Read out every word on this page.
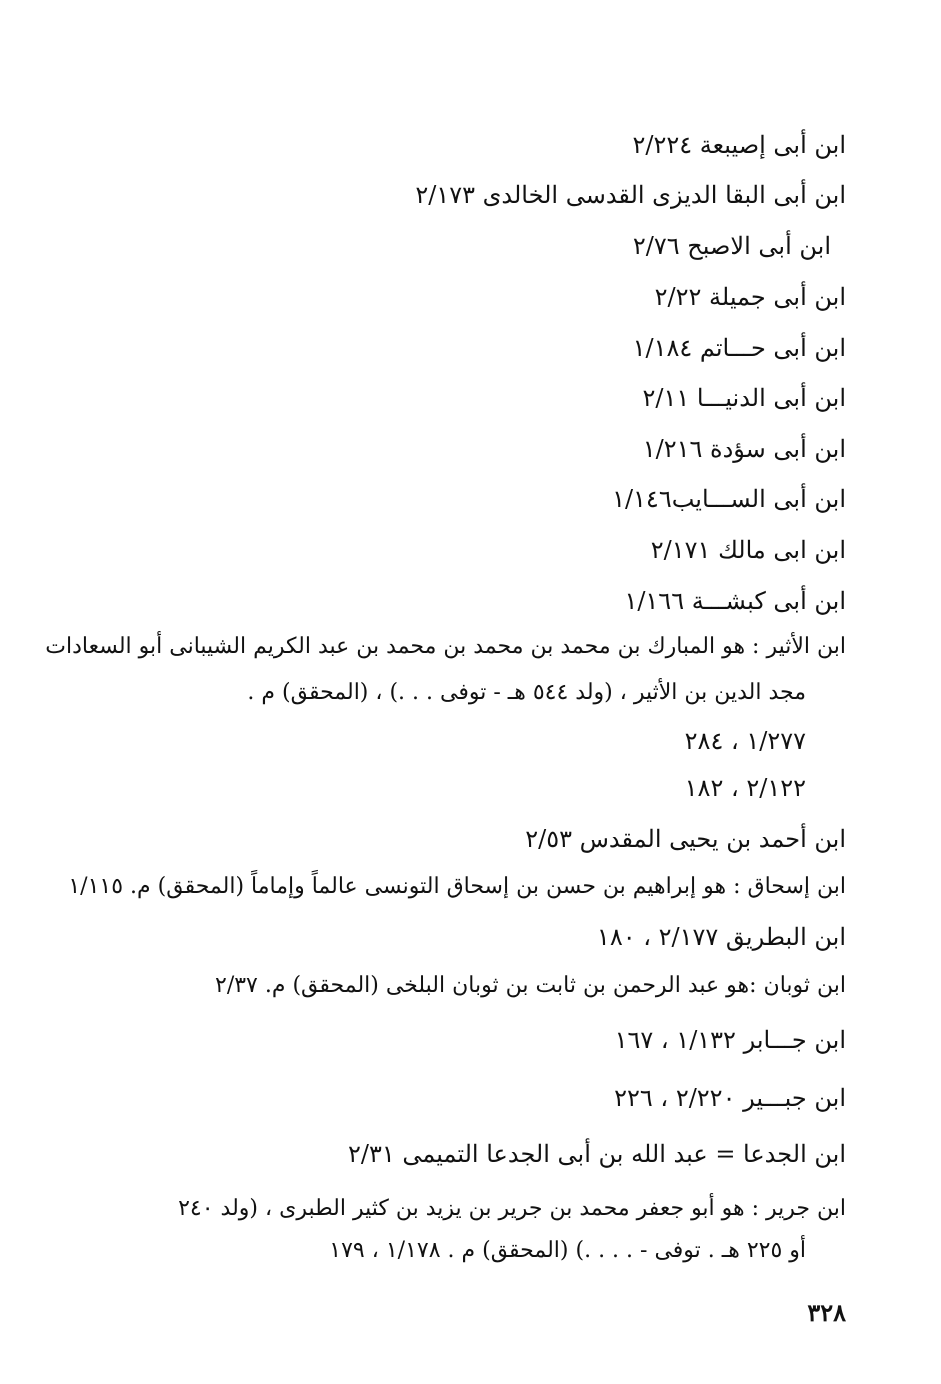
ابن أبى إصيبعة ٢/٢٢٤
ابن أبى البقا الديزى القدسى الخالدى ٢/١٧٣
ابن أبى الاصبح ٢/٧٦
ابن أبى جميلة ٢/٢٢
ابن أبى حـــاتم ١/١٨٤
ابن أبى الدنيـــا ٢/١١
ابن أبى سؤدة ١/٢١٦
ابن أبى الســـايب١/١٤٦
ابن ابى مالك ٢/١٧١
ابن أبى كبشـــة ١/١٦٦
ابن الأثير : هو المبارك بن محمد بن محمد بن محمد بن عبد الكريم الشيبانى أبو السعادات
مجد الدين بن الأثير ، (ولد ٥٤٤ هـ - توفى . . .) ، (المحقق) م .
١/٢٧٧ ، ٢٨٤
٢/١٢٢ ، ١٨٢
ابن أحمد بن يحيى المقدس ٢/٥٣
ابن إسحاق : هو إبراهيم بن حسن بن إسحاق التونسى عالماً وإماماً (المحقق) م. ١/١١٥
ابن البطريق ٢/١٧٧ ، ١٨٠
ابن ثوبان :هو عبد الرحمن بن ثابت بن ثوبان البلخى (المحقق) م. ٢/٣٧
ابن جـــابر ١/١٣٢ ، ١٦٧
ابن جبـــير ٢/٢٢٠ ، ٢٢٦
ابن الجدعا = عبد الله بن أبى الجدعا التميمى ٢/٣١
ابن جرير : هو أبو جعفر محمد بن جرير بن يزيد بن كثير الطبرى ، (ولد ٢٤٠
أو ٢٢٥ هـ . توفى - . . . .) (المحقق) م . ١/١٧٨ ، ١٧٩
٣٢٨
